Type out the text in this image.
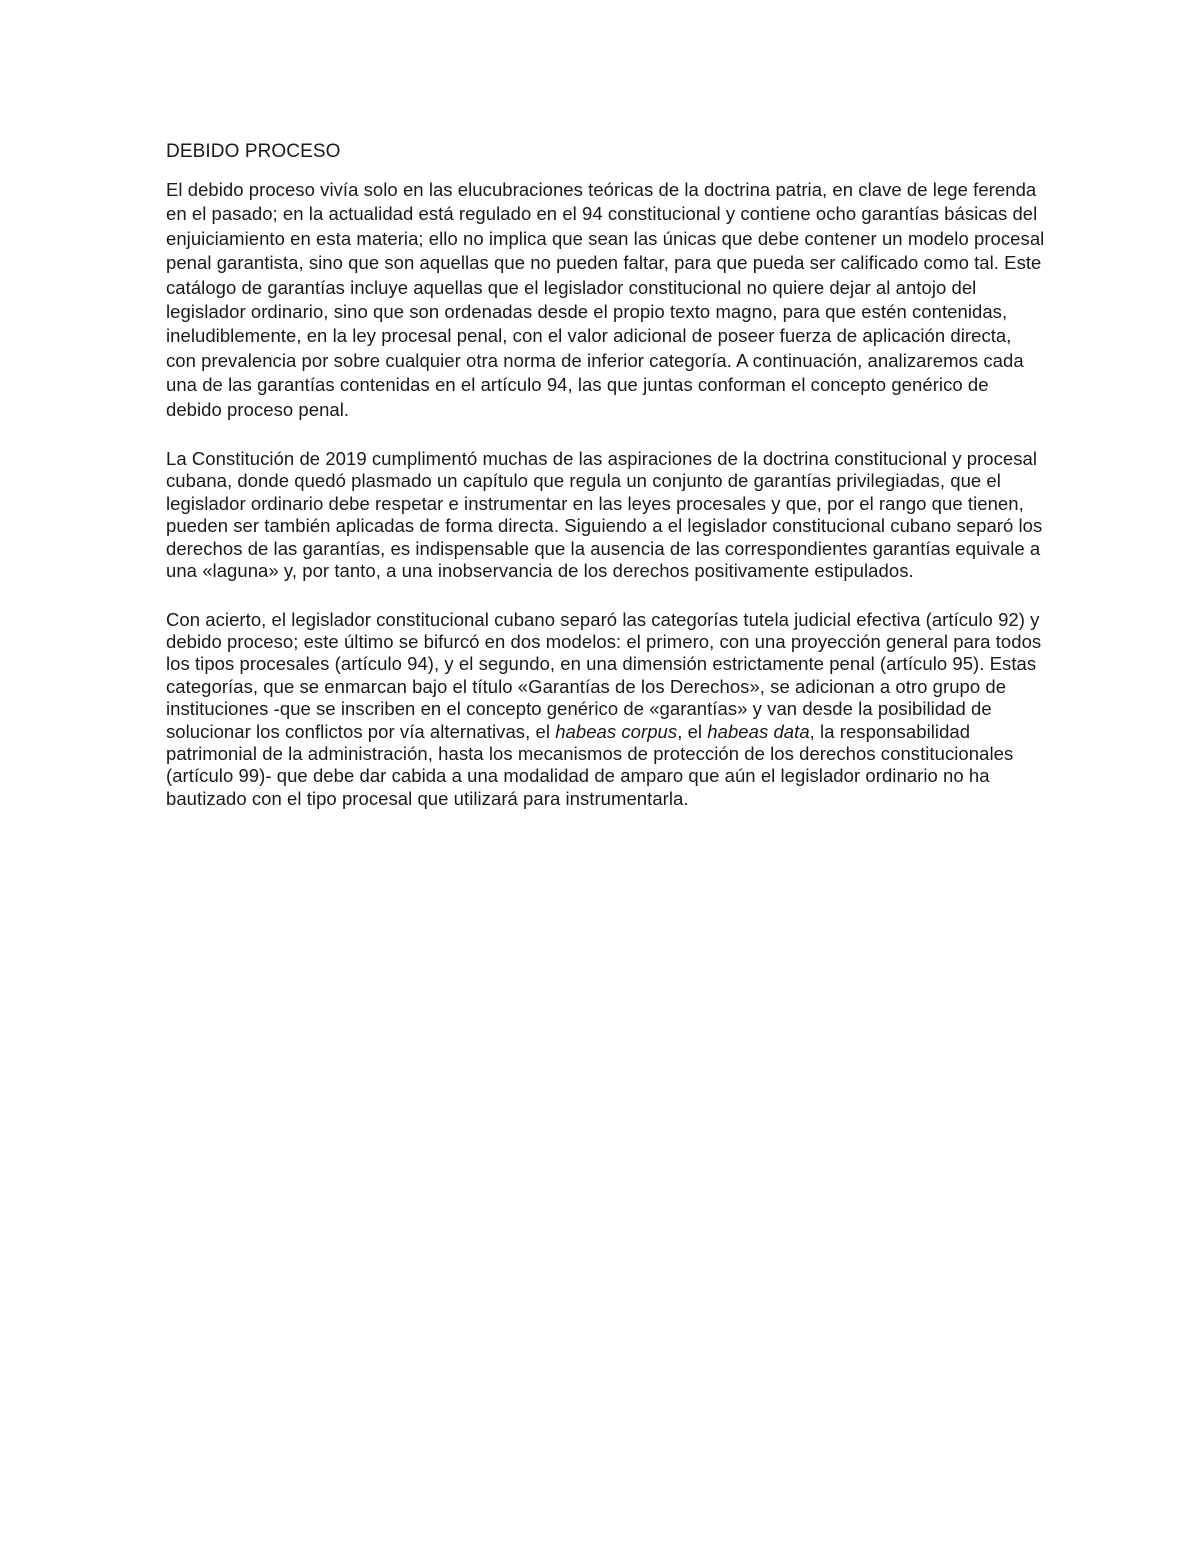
DEBIDO PROCESO

El debido proceso vivía solo en las elucubraciones teóricas de la doctrina patria, en clave de lege ferenda en el pasado; en la actualidad está regulado en el 94 constitucional y contiene ocho garantías básicas del enjuiciamiento en esta materia; ello no implica que sean las únicas que debe contener un modelo procesal penal garantista, sino que son aquellas que no pueden faltar, para que pueda ser calificado como tal. Este catálogo de garantías incluye aquellas que el legislador constitucional no quiere dejar al antojo del legislador ordinario, sino que son ordenadas desde el propio texto magno, para que estén contenidas, ineludiblemente, en la ley procesal penal, con el valor adicional de poseer fuerza de aplicación directa, con prevalencia por sobre cualquier otra norma de inferior categoría. A continuación, analizaremos cada una de las garantías contenidas en el artículo 94, las que juntas conforman el concepto genérico de debido proceso penal.

La Constitución de 2019 cumplimentó muchas de las aspiraciones de la doctrina constitucional y procesal cubana, donde quedó plasmado un capítulo que regula un conjunto de garantías privilegiadas, que el legislador ordinario debe respetar e instrumentar en las leyes procesales y que, por el rango que tienen, pueden ser también aplicadas de forma directa. Siguiendo a el legislador constitucional cubano separó los derechos de las garantías, es indispensable que la ausencia de las correspondientes garantías equivale a una «laguna» y, por tanto, a una inobservancia de los derechos positivamente estipulados.

Con acierto, el legislador constitucional cubano separó las categorías tutela judicial efectiva (artículo 92) y debido proceso; este último se bifurcó en dos modelos: el primero, con una proyección general para todos los tipos procesales (artículo 94), y el segundo, en una dimensión estrictamente penal (artículo 95). Estas categorías, que se enmarcan bajo el título «Garantías de los Derechos», se adicionan a otro grupo de instituciones -que se inscriben en el concepto genérico de «garantías» y van desde la posibilidad de solucionar los conflictos por vía alternativas, el habeas corpus, el habeas data, la responsabilidad patrimonial de la administración, hasta los mecanismos de protección de los derechos constitucionales (artículo 99)- que debe dar cabida a una modalidad de amparo que aún el legislador ordinario no ha bautizado con el tipo procesal que utilizará para instrumentarla.
